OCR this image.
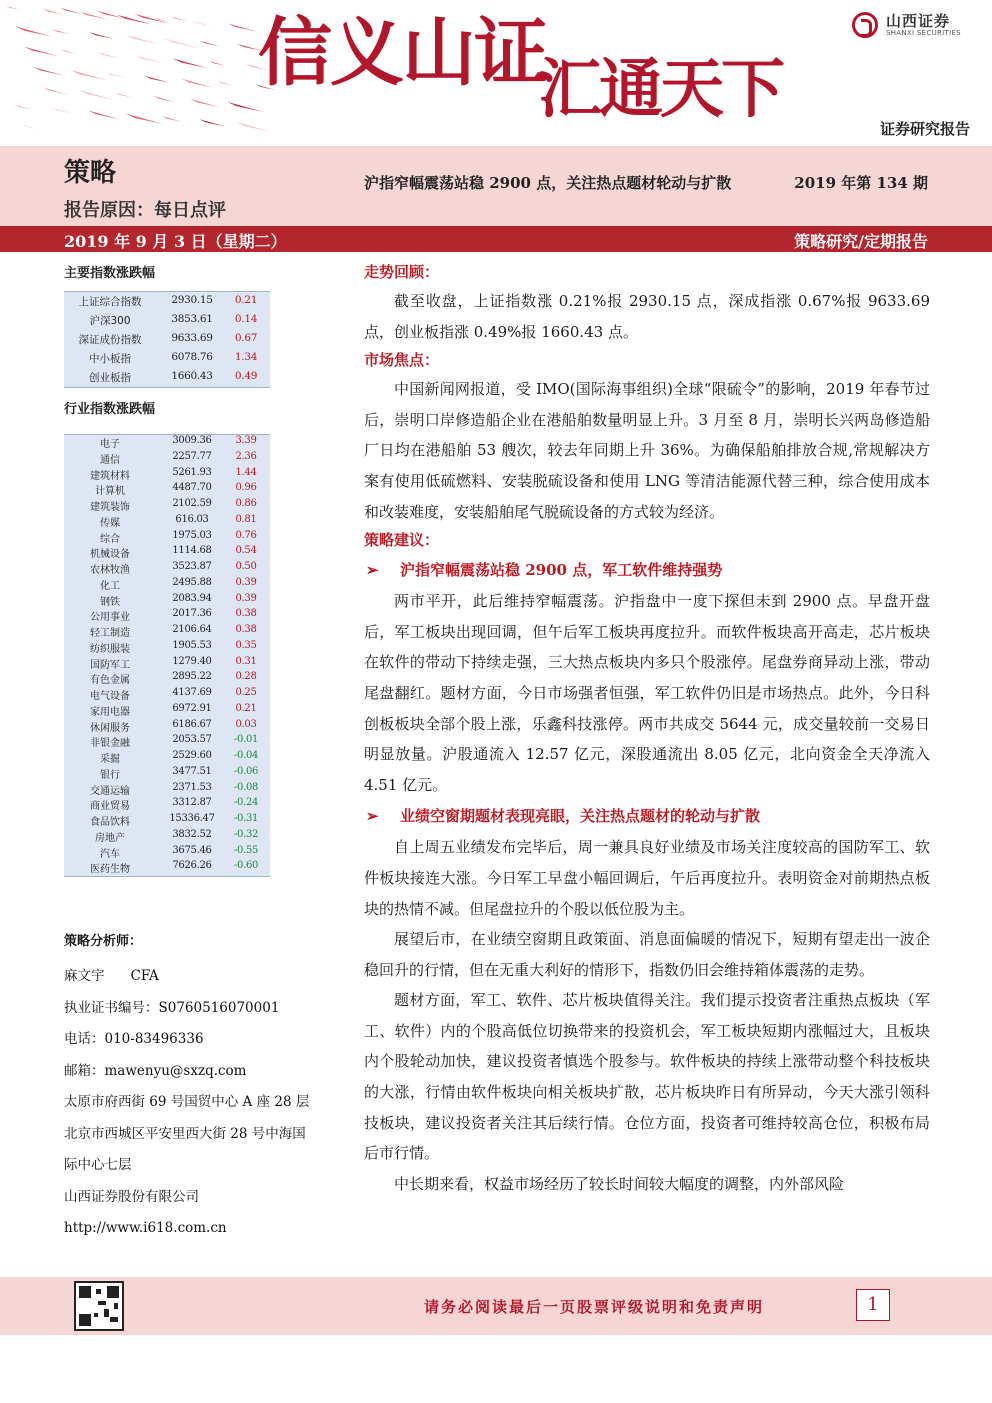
信义山证
汇通天下
山西证券
SHANXI SECURITIES
证券研究报告
策略
报告原因：每日点评
沪指窄幅震荡站稳 2900 点，关注热点题材轮动与扩散	2019 年第 134 期
2019 年 9 月 3 日（星期二）	策略研究/定期报告
主要指数涨跌幅
上证综合指数	2930.15	0.21
沪深300	3853.61	0.14
深证成份指数	9633.69	0.67
中小板指	6078.76	1.34
创业板指	1660.43	0.49
行业指数涨跌幅
电子	3009.36	3.39
通信	2257.77	2.36
建筑材料	5261.93	1.44
计算机	4487.70	0.96
建筑装饰	2102.59	0.86
传媒	616.03	0.81
综合	1975.03	0.76
机械设备	1114.68	0.54
农林牧渔	3523.87	0.50
化工	2495.88	0.39
钢铁	2083.94	0.39
公用事业	2017.36	0.38
轻工制造	2106.64	0.38
纺织服装	1905.53	0.35
国防军工	1279.40	0.31
有色金属	2895.22	0.28
电气设备	4137.69	0.25
家用电器	6972.91	0.21
休闲服务	6186.67	0.03
非银金融	2053.57	-0.01
采掘	2529.60	-0.04
银行	3477.51	-0.06
交通运输	2371.53	-0.08
商业贸易	3312.87	-0.24
食品饮料	15336.47	-0.31
房地产	3832.52	-0.32
汽车	3675.46	-0.55
医药生物	7626.26	-0.60
策略分析师：
麻文宇 CFA
执业证书编号：S0760516070001
电话：010-83496336
邮箱：mawenyu@sxzq.com
太原市府西街 69 号国贸中心 A 座 28 层
北京市西城区平安里西大街 28 号中海国
际中心七层
山西证券股份有限公司
http://www.i618.com.cn
走势回顾：
截至收盘，上证指数涨 0.21%报 2930.15 点，深成指涨 0.67%报 9633.69 点，创业板指涨 0.49%报 1660.43 点。
市场焦点：
中国新闻网报道，受 IMO(国际海事组织)全球“限硫令”的影响，2019 年春节过后，崇明口岸修造船企业在港船舶数量明显上升。3 月至 8 月，崇明长兴两岛修造船厂日均在港船舶 53 艘次，较去年同期上升 36%。为确保船舶排放合规,常规解决方案有使用低硫燃料、安装脱硫设备和使用 LNG 等清洁能源代替三种，综合使用成本和改装难度，安装船舶尾气脱硫设备的方式较为经济。
策略建议：
➢ 沪指窄幅震荡站稳 2900 点，军工软件维持强势
两市平开，此后维持窄幅震荡。沪指盘中一度下探但未到 2900 点。早盘开盘后，军工板块出现回调，但午后军工板块再度拉升。而软件板块高开高走，芯片板块在软件的带动下持续走强，三大热点板块内多只个股涨停。尾盘券商异动上涨，带动尾盘翻红。题材方面，今日市场强者恒强，军工软件仍旧是市场热点。此外，今日科创板板块全部个股上涨，乐鑫科技涨停。两市共成交 5644 元，成交量较前一交易日明显放量。沪股通流入 12.57 亿元，深股通流出 8.05 亿元，北向资金全天净流入 4.51 亿元。
➢ 业绩空窗期题材表现亮眼，关注热点题材的轮动与扩散
自上周五业绩发布完毕后，周一兼具良好业绩及市场关注度较高的国防军工、软件板块接连大涨。今日军工早盘小幅回调后，午后再度拉升。表明资金对前期热点板块的热情不减。但尾盘拉升的个股以低位股为主。
展望后市，在业绩空窗期且政策面、消息面偏暖的情况下，短期有望走出一波企稳回升的行情，但在无重大利好的情形下，指数仍旧会维持箱体震荡的走势。
题材方面，军工、软件、芯片板块值得关注。我们提示投资者注重热点板块（军工、软件）内的个股高低位切换带来的投资机会，军工板块短期内涨幅过大，且板块内个股轮动加快，建议投资者慎选个股参与。软件板块的持续上涨带动整个科技板块的大涨，行情由软件板块向相关板块扩散，芯片板块昨日有所异动，今天大涨引领科技板块，建议投资者关注其后续行情。仓位方面，投资者可维持较高仓位，积极布局后市行情。
中长期来看，权益市场经历了较长时间较大幅度的调整，内外部风险
请务必阅读最后一页股票评级说明和免责声明	1
